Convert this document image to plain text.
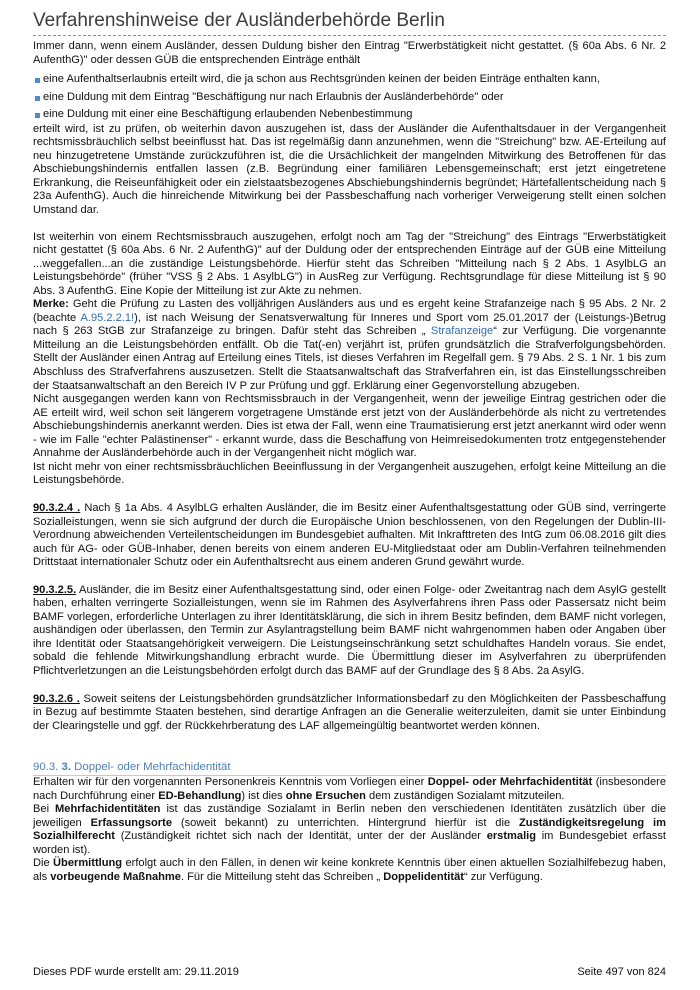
Verfahrenshinweise der Ausländerbehörde Berlin

Immer dann, wenn einem Ausländer, dessen Duldung bisher den Eintrag "Erwerbstätigkeit nicht gestattet. (§ 60a Abs. 6 Nr. 2 AufenthG)" oder dessen GÜB die entsprechenden Einträge enthält

eine Aufenthaltserlaubnis erteilt wird, die ja schon aus Rechtsgründen keinen der beiden Einträge enthalten kann,
eine Duldung mit dem Eintrag "Beschäftigung nur nach Erlaubnis der Ausländerbehörde" oder
eine Duldung mit einer eine Beschäftigung erlaubenden Nebenbestimmung

erteilt wird, ist zu prüfen, ob weiterhin davon auszugehen ist, dass der Ausländer die Aufenthaltsdauer in der Vergangenheit rechtsmissbräuchlich selbst beeinflusst hat. Das ist regelmäßig dann anzunehmen, wenn die "Streichung" bzw. AE-Erteilung auf neu hinzugetretene Umstände zurückzuführen ist, die die Ursächlichkeit der mangelnden Mitwirkung des Betroffenen für das Abschiebungshindernis entfallen lassen (z.B. Begründung einer familiären Lebensgemeinschaft; erst jetzt eingetretene Erkrankung, die Reiseunfähigkeit oder ein zielstaatsbezogenes Abschiebungshindernis begründet; Härtefallentscheidung nach § 23a AufenthG). Auch die hinreichende Mitwirkung bei der Passbeschaffung nach vorheriger Verweigerung stellt einen solchen Umstand dar.

Ist weiterhin von einem Rechtsmissbrauch auszugehen, erfolgt noch am Tag der "Streichung" des Eintrags "Erwerbstätigkeit nicht gestattet (§ 60a Abs. 6 Nr. 2 AufenthG)" auf der Duldung oder der entsprechenden Einträge auf der GÜB eine Mitteilung ...weggefallen...an die zuständige Leistungsbehörde. Hierfür steht das Schreiben "Mitteilung nach § 2 Abs. 1 AsylbLG an Leistungsbehörde" (früher "VSS § 2 Abs. 1 AsylbLG") in AusReg zur Verfügung. Rechtsgrundlage für diese Mitteilung ist § 90 Abs. 3 AufenthG. Eine Kopie der Mitteilung ist zur Akte zu nehmen.

Merke: Geht die Prüfung zu Lasten des volljährigen Ausländers aus und es ergeht keine Strafanzeige nach § 95 Abs. 2 Nr. 2 (beachte A.95.2.2.1!), ist nach Weisung der Senatsverwaltung für Inneres und Sport vom 25.01.2017 der (Leistungs-)Betrug nach § 263 StGB zur Strafanzeige zu bringen. Dafür steht das Schreiben „ Strafanzeige“ zur Verfügung. Die vorgenannte Mitteilung an die Leistungsbehörden entfällt. Ob die Tat(-en) verjährt ist, prüfen grundsätzlich die Strafverfolgungsbehörden. Stellt der Ausländer einen Antrag auf Erteilung eines Titels, ist dieses Verfahren im Regelfall gem. § 79 Abs. 2 S. 1 Nr. 1 bis zum Abschluss des Strafverfahrens auszusetzen. Stellt die Staatsanwaltschaft das Strafverfahren ein, ist das Einstellungsschreiben der Staatsanwaltschaft an den Bereich IV P zur Prüfung und ggf. Erklärung einer Gegenvorstellung abzugeben.

Nicht ausgegangen werden kann von Rechtsmissbrauch in der Vergangenheit, wenn der jeweilige Eintrag gestrichen oder die AE erteilt wird, weil schon seit längerem vorgetragene Umstände erst jetzt von der Ausländerbehörde als nicht zu vertretendes Abschiebungshindernis anerkannt werden. Dies ist etwa der Fall, wenn eine Traumatisierung erst jetzt anerkannt wird oder wenn - wie im Falle "echter Palästinenser" - erkannt wurde, dass die Beschaffung von Heimreisedokumenten trotz entgegenstehender Annahme der Ausländerbehörde auch in der Vergangenheit nicht möglich war.

Ist nicht mehr von einer rechtsmissbräuchlichen Beeinflussung in der Vergangenheit auszugehen, erfolgt keine Mitteilung an die Leistungsbehörde.

90.3.2.4 . Nach § 1a Abs. 4 AsylbLG erhalten Ausländer, die im Besitz einer Aufenthaltsgestattung oder GÜB sind, verringerte Sozialleistungen, wenn sie sich aufgrund der durch die Europäische Union beschlossenen, von den Regelungen der Dublin-III-Verordnung abweichenden Verteilentscheidungen im Bundesgebiet aufhalten. Mit Inkrafttreten des IntG zum 06.08.2016 gilt dies auch für AG- oder GÜB-Inhaber, denen bereits von einem anderen EU-Mitgliedstaat oder am Dublin-Verfahren teilnehmenden Drittstaat internationaler Schutz oder ein Aufenthaltsrecht aus einem anderen Grund gewährt wurde.

90.3.2.5. Ausländer, die im Besitz einer Aufenthaltsgestattung sind, oder einen Folge- oder Zweitantrag nach dem AsylG gestellt haben, erhalten verringerte Sozialleistungen, wenn sie im Rahmen des Asylverfahrens ihren Pass oder Passersatz nicht beim BAMF vorlegen, erforderliche Unterlagen zu ihrer Identitätsklärung, die sich in ihrem Besitz befinden, dem BAMF nicht vorlegen, aushändigen oder überlassen, den Termin zur Asylantragstellung beim BAMF nicht wahrgenommen haben oder Angaben über ihre Identität oder Staatsangehörigkeit verweigern. Die Leistungseinschränkung setzt schuldhaftes Handeln voraus. Sie endet, sobald die fehlende Mitwirkungshandlung erbracht wurde. Die Übermittlung dieser im Asylverfahren zu überprüfenden Pflichtverletzungen an die Leistungsbehörden erfolgt durch das BAMF auf der Grundlage des § 8 Abs. 2a AsylG.

90.3.2.6 . Soweit seitens der Leistungsbehörden grundsätzlicher Informationsbedarf zu den Möglichkeiten der Passbeschaffung in Bezug auf bestimmte Staaten bestehen, sind derartige Anfragen an die Generalie weiterzuleiten, damit sie unter Einbindung der Clearingstelle und ggf. der Rückkehrberatung des LAF allgemeingültig beantwortet werden können.

90.3. 3. Doppel- oder Mehrfachidentität

Erhalten wir für den vorgenannten Personenkreis Kenntnis vom Vorliegen einer Doppel- oder Mehrfachidentität (insbesondere nach Durchführung einer ED-Behandlung) ist dies ohne Ersuchen dem zuständigen Sozialamt mitzuteilen.

Bei Mehrfachidentitäten ist das zuständige Sozialamt in Berlin neben den verschiedenen Identitäten zusätzlich über die jeweiligen Erfassungsorte (soweit bekannt) zu unterrichten. Hintergrund hierfür ist die Zuständigkeitsregelung im Sozialhilferecht (Zuständigkeit richtet sich nach der Identität, unter der der Ausländer erstmalig im Bundesgebiet erfasst worden ist).

Die Übermittlung erfolgt auch in den Fällen, in denen wir keine konkrete Kenntnis über einen aktuellen Sozialhilfebezug haben, als vorbeugende Maßnahme. Für die Mitteilung steht das Schreiben „ Doppelidentität“ zur Verfügung.

Dieses PDF wurde erstellt am: 29.11.2019	Seite 497 von 824
